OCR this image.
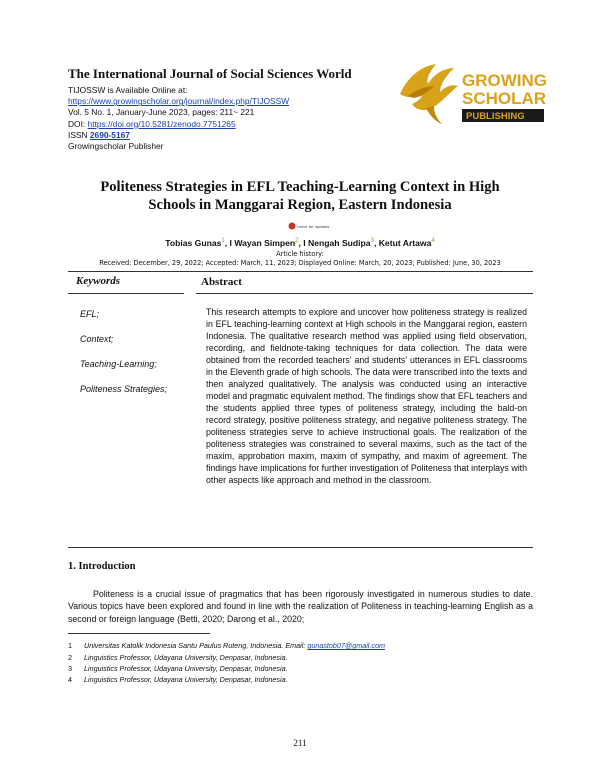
The International Journal of Social Sciences World
TIJOSSW is Available Online at:
https://www.growingscholar.org/journal/index.php/TIJOSSW
Vol. 5 No. 1, January-June 2023, pages: 211~ 221
DOI: https://doi.org/10.5281/zenodo.7751265
ISSN 2690-5167
Growingscholar Publisher
GROWING
SCHOLAR
PUBLISHING
Politeness Strategies in EFL Teaching-Learning Context in High
Schools in Manggarai Region, Eastern Indonesia
check for updates
Tobias Gunas$^1$, I Wayan Simpen$^2$, I Nengah Sudipa$^3$, Ketut Artawa$^4$
Article history:
Received: December, 29, 2022; Accepted: March, 11, 2023; Displayed Online: March, 20, 2023; Published: June, 30, 2023
Keywords	Abstract
EFL;
Context;
Teaching-Learning;
Politeness Strategies;
This research attempts to explore and uncover how politeness strategy is realized in EFL teaching-learning context at High schools in the Manggarai region, eastern Indonesia. The qualitative research method was applied using field observation, recording, and fieldnote-taking techniques for data collection. The data were obtained from the recorded teachers' and students' utterances in EFL classrooms in the Eleventh grade of high schools. The data were transcribed into the texts and then analyzed qualitatively. The analysis was conducted using an interactive model and pragmatic equivalent method. The findings show that EFL teachers and the students applied three types of politeness strategy, including the bald-on record strategy, positive politeness strategy, and negative politeness strategy. The politeness strategies serve to achieve instructional goals. The realization of the politeness strategies was constrained to several maxims, such as the tact of the maxim, approbation maxim, maxim of sympathy, and maxim of agreement. The findings have implications for further investigation of Politeness that interplays with other aspects like approach and method in the classroom.
1. Introduction
Politeness is a crucial issue of pragmatics that has been rigorously investigated in numerous studies to date. Various topics have been explored and found in line with the realization of Politeness in teaching-learning English as a second or foreign language (Betti, 2020; Darong et al., 2020;
1 Universitas Katolik Indonesia Santu Paulus Ruteng, Indonesia. Email: gunastob07@gmail.com
2 Linguistics Professor, Udayana University, Denpasar, Indonesia.
3 Linguistics Professor, Udayana University, Denpasar, Indonesia.
4 Linguistics Professor, Udayana University, Denpasar, Indonesia.
211
